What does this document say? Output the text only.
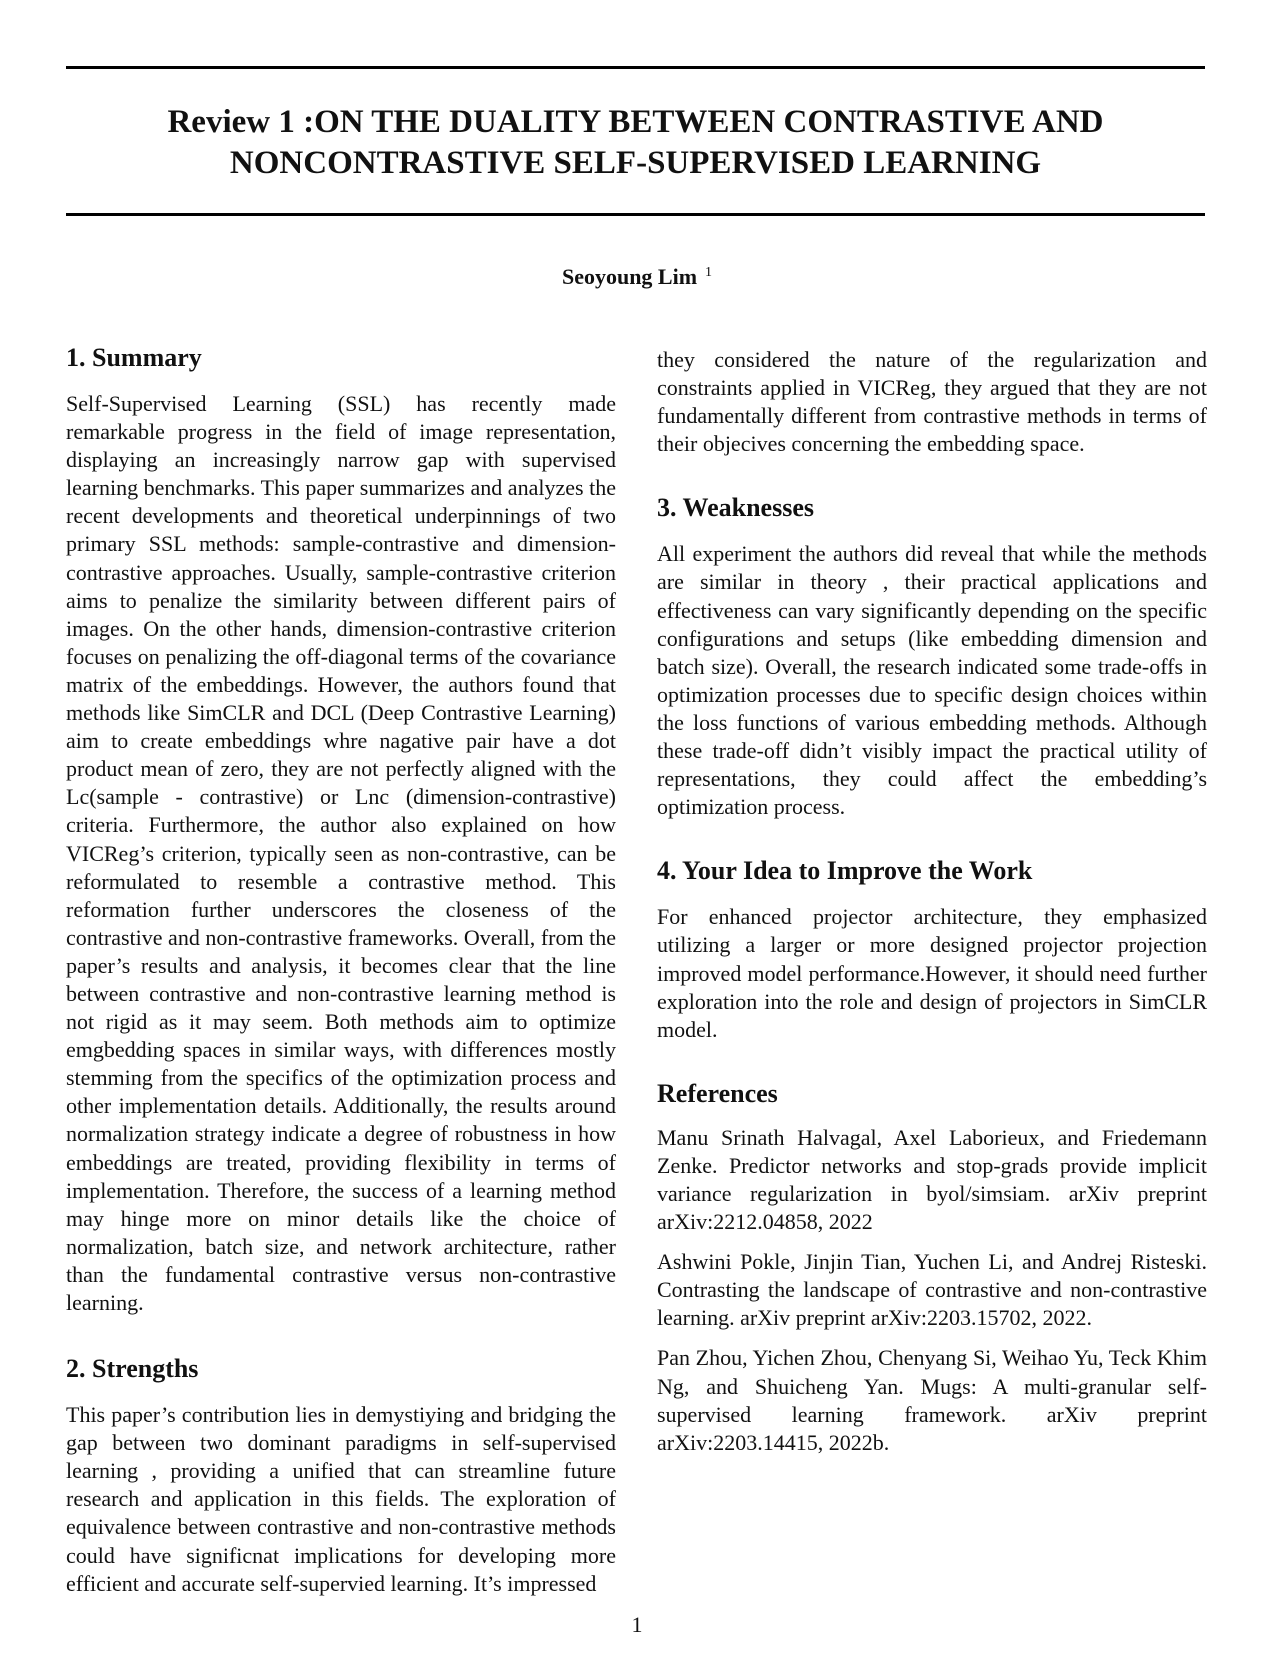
Review 1 :ON THE DUALITY BETWEEN CONTRASTIVE AND
NONCONTRASTIVE SELF-SUPERVISED LEARNING
Seoyoung Lim $^1$
1. Summary

Self-Supervised Learning (SSL) has recently made remarkable progress in the field of image representation, displaying an increasingly narrow gap with supervised learning benchmarks. This paper summarizes and analyzes the recent developments and theoretical underpinnings of two primary SSL methods: sample-contrastive and dimension-contrastive approaches. Usually, sample-contrastive criterion aims to penalize the similarity between different pairs of images. On the other hands, dimension-contrastive criterion focuses on penalizing the off-diagonal terms of the covariance matrix of the embeddings. However, the authors found that methods like SimCLR and DCL (Deep Contrastive Learning) aim to create embeddings whre nagative pair have a dot product mean of zero, they are not perfectly aligned with the Lc(sample - contrastive) or Lnc (dimension-contrastive) criteria. Furthermore, the author also explained on how VICReg’s criterion, typically seen as non-contrastive, can be reformulated to resemble a contrastive method. This reformation further underscores the closeness of the contrastive and non-contrastive frameworks. Overall, from the paper’s results and analysis, it becomes clear that the line between contrastive and non-contrastive learning method is not rigid as it may seem. Both methods aim to optimize emgbedding spaces in similar ways, with differences mostly stemming from the specifics of the optimization process and other implementation details. Additionally, the results around normalization strategy indicate a degree of robustness in how embeddings are treated, providing flexibility in terms of implementation. Therefore, the success of a learning method may hinge more on minor details like the choice of normalization, batch size, and network architecture, rather than the fundamental contrastive versus non-contrastive learning.

2. Strengths

This paper’s contribution lies in demystiying and bridging the gap between two dominant paradigms in self-supervised learning , providing a unified that can streamline future research and application in this fields. The exploration of equivalence between contrastive and non-contrastive methods could have significnat implications for developing more efficient and accurate self-supervied learning. It’s impressed

they considered the nature of the regularization and constraints applied in VICReg, they argued that they are not fundamentally different from contrastive methods in terms of their objecives concerning the embedding space.

3. Weaknesses

All experiment the authors did reveal that while the methods are similar in theory , their practical applications and effectiveness can vary significantly depending on the specific configurations and setups (like embedding dimension and batch size). Overall, the research indicated some trade-offs in optimization processes due to specific design choices within the loss functions of various embedding methods. Although these trade-off didn’t visibly impact the practical utility of representations, they could affect the embedding’s optimization process.

4. Your Idea to Improve the Work

For enhanced projector architecture, they emphasized utilizing a larger or more designed projector projection improved model performance.However, it should need further exploration into the role and design of projectors in SimCLR model.

References

Manu Srinath Halvagal, Axel Laborieux, and Friedemann Zenke. Predictor networks and stop-grads provide implicit variance regularization in byol/simsiam. arXiv preprint arXiv:2212.04858, 2022

Ashwini Pokle, Jinjin Tian, Yuchen Li, and Andrej Risteski. Contrasting the landscape of contrastive and non-contrastive learning. arXiv preprint arXiv:2203.15702, 2022.

Pan Zhou, Yichen Zhou, Chenyang Si, Weihao Yu, Teck Khim Ng, and Shuicheng Yan. Mugs: A multi-granular self-supervised learning framework. arXiv preprint arXiv:2203.14415, 2022b.

1
